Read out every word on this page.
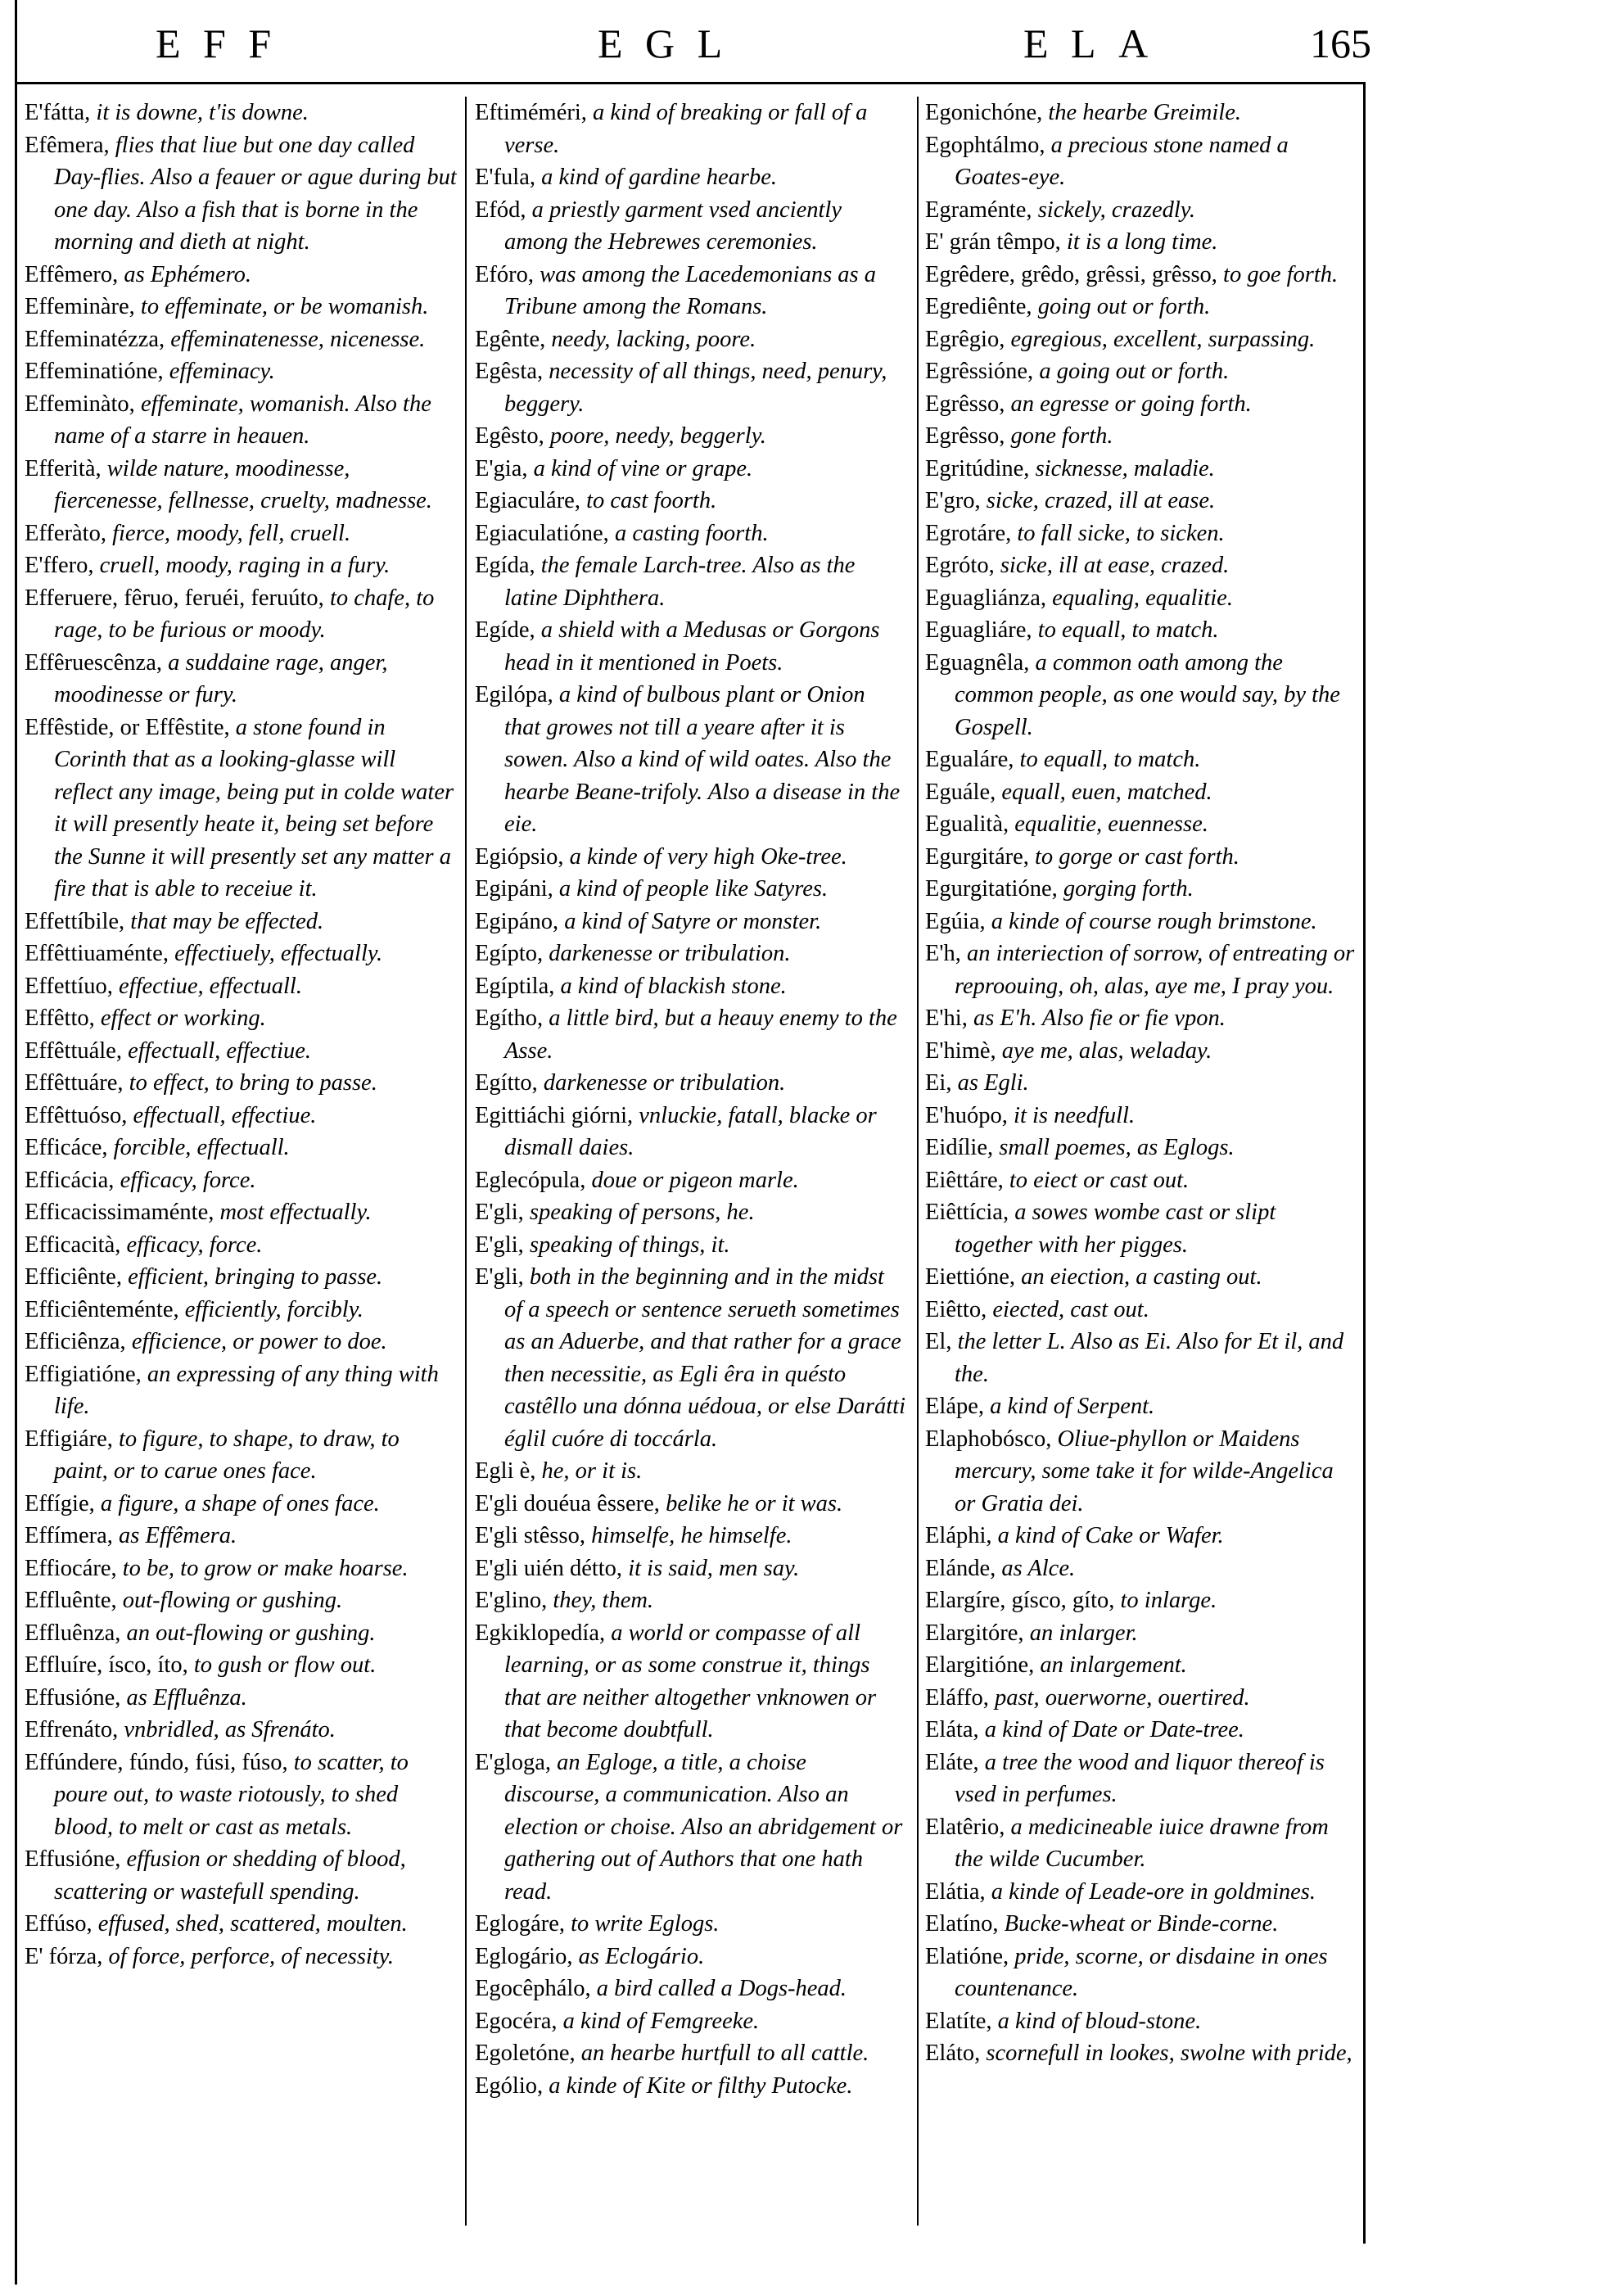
EFF	EGL	ELA	165

E'fátta, it is downe, t'is downe.

Efêmera, flies that liue but one day called Day-flies. Also a feauer or ague during but one day. Also a fish that is borne in the morning and dieth at night.

Effêmero, as Ephémero.

Effeminàre, to effeminate, or be womanish.

Effeminatézza, effeminatenesse, nicenesse.

Effeminatióne, effeminacy.

Effeminàto, effeminate, womanish. Also the name of a starre in heauen.

Efferità, wilde nature, moodinesse, fiercenesse, fellnesse, cruelty, madnesse.

Efferàto, fierce, moody, fell, cruell.

E'ffero, cruell, moody, raging in a fury.

Efferuere, fêruo, feruéi, feruúto, to chafe, to rage, to be furious or moody.

Effêruescênza, a suddaine rage, anger, moodinesse or fury.

Effêstide, or Effêstite, a stone found in Corinth that as a looking-glasse will reflect any image, being put in colde water it will presently heate it, being set before the Sunne it will presently set any matter a fire that is able to receiue it.

Effettíbile, that may be effected.

Effêttiuaménte, effectiuely, effectually.

Effettíuo, effectiue, effectuall.

Effêtto, effect or working.

Effêttuále, effectuall, effectiue.

Effêttuáre, to effect, to bring to passe.

Effêttuóso, effectuall, effectiue.

Efficáce, forcible, effectuall.

Efficácia, efficacy, force.

Efficacissimaménte, most effectually.

Efficacità, efficacy, force.

Efficiênte, efficient, bringing to passe.

Efficiênteménte, efficiently, forcibly.

Efficiênza, efficience, or power to doe.

Effigiatióne, an expressing of any thing with life.

Effigiáre, to figure, to shape, to draw, to paint, or to carue ones face.

Effígie, a figure, a shape of ones face.

Effímera, as Effêmera.

Effiocáre, to be, to grow or make hoarse.

Effluênte, out-flowing or gushing.

Effluênza, an out-flowing or gushing.

Effluíre, ísco, íto, to gush or flow out.

Effusióne, as Effluênza.

Effrenáto, vnbridled, as Sfrenáto.

Effúndere, fúndo, fúsi, fúso, to scatter, to poure out, to waste riotously, to shed blood, to melt or cast as metals.

Effusióne, effusion or shedding of blood, scattering or wastefull spending.

Effúso, effused, shed, scattered, moulten.

E' fórza, of force, perforce, of necessity.

Eftiméméri, a kind of breaking or fall of a verse.

E'fula, a kind of gardine hearbe.

Efód, a priestly garment vsed anciently among the Hebrewes ceremonies.

Efóro, was among the Lacedemonians as a Tribune among the Romans.

Egênte, needy, lacking, poore.

Egêsta, necessity of all things, need, penury, beggery.

Egêsto, poore, needy, beggerly.

E'gia, a kind of vine or grape.

Egiaculáre, to cast foorth.

Egiaculatióne, a casting foorth.

Egída, the female Larch-tree. Also as the latine Diphthera.

Egíde, a shield with a Medusas or Gorgons head in it mentioned in Poets.

Egilópa, a kind of bulbous plant or Onion that growes not till a yeare after it is sowen. Also a kind of wild oates. Also the hearbe Beane-trifoly. Also a disease in the eie.

Egiópsio, a kinde of very high Oke-tree.

Egipáni, a kind of people like Satyres.

Egipáno, a kind of Satyre or monster.

Egípto, darkenesse or tribulation.

Egíptila, a kind of blackish stone.

Egítho, a little bird, but a heauy enemy to the Asse.

Egítto, darkenesse or tribulation.

Egittiáchi giórni, vnluckie, fatall, blacke or dismall daies.

Eglecópula, doue or pigeon marle.

E'gli, speaking of persons, he.

E'gli, speaking of things, it.

E'gli, both in the beginning and in the midst of a speech or sentence serueth sometimes as an Aduerbe, and that rather for a grace then necessitie, as Egli êra in quésto castêllo una dónna uédoua, or else Darátti églil cuóre di toccárla.

Egli è, he, or it is.

E'gli douéua êssere, belike he or it was.

E'gli stêsso, himselfe, he himselfe.

E'gli uién détto, it is said, men say.

E'glino, they, them.

Egkiklopedía, a world or compasse of all learning, or as some construe it, things that are neither altogether vnknowen or that become doubtfull.

E'gloga, an Egloge, a title, a choise discourse, a communication. Also an election or choise. Also an abridgement or gathering out of Authors that one hath read.

Eglogáre, to write Eglogs.

Eglogário, as Eclogário.

Egocêphálo, a bird called a Dogs-head.

Egocéra, a kind of Femgreeke.

Egoletóne, an hearbe hurtfull to all cattle.

Ególio, a kinde of Kite or filthy Putocke.

Egonichóne, the hearbe Greimile.

Egophtálmo, a precious stone named a Goates-eye.

Egraménte, sickely, crazedly.

E' grán têmpo, it is a long time.

Egrêdere, grêdo, grêssi, grêsso, to goe forth.

Egrediênte, going out or forth.

Egrêgio, egregious, excellent, surpassing.

Egrêssióne, a going out or forth.

Egrêsso, an egresse or going forth.

Egrêsso, gone forth.

Egritúdine, sicknesse, maladie.

E'gro, sicke, crazed, ill at ease.

Egrotáre, to fall sicke, to sicken.

Egróto, sicke, ill at ease, crazed.

Eguagliánza, equaling, equalitie.

Eguagliáre, to equall, to match.

Eguagnêla, a common oath among the common people, as one would say, by the Gospell.

Egualáre, to equall, to match.

Eguále, equall, euen, matched.

Egualità, equalitie, euennesse.

Egurgitáre, to gorge or cast forth.

Egurgitatióne, gorging forth.

Egúia, a kinde of course rough brimstone.

E'h, an interiection of sorrow, of entreating or reproouing, oh, alas, aye me, I pray you.

E'hi, as E'h. Also fie or fie vpon.

E'himè, aye me, alas, weladay.

Ei, as Egli.

E'huópo, it is needfull.

Eidílie, small poemes, as Eglogs.

Eiêttáre, to eiect or cast out.

Eiêttícia, a sowes wombe cast or slipt together with her pigges.

Eiettióne, an eiection, a casting out.

Eiêtto, eiected, cast out.

El, the letter L. Also as Ei. Also for Et il, and the.

Elápe, a kind of Serpent.

Elaphobósco, Oliue-phyllon or Maidens mercury, some take it for wilde-Angelica or Gratia dei.

Eláphi, a kind of Cake or Wafer.

Elánde, as Alce.

Elargíre, gísco, gíto, to inlarge.

Elargitóre, an inlarger.

Elargitióne, an inlargement.

Eláffo, past, ouerworne, ouertired.

Eláta, a kind of Date or Date-tree.

Eláte, a tree the wood and liquor thereof is vsed in perfumes.

Elatêrio, a medicineable iuice drawne from the wilde Cucumber.

Elátia, a kinde of Leade-ore in goldmines.

Elatíno, Bucke-wheat or Binde-corne.

Elatióne, pride, scorne, or disdaine in ones countenance.

Elatíte, a kind of bloud-stone.

Eláto, scornefull in lookes, swolne with pride,
